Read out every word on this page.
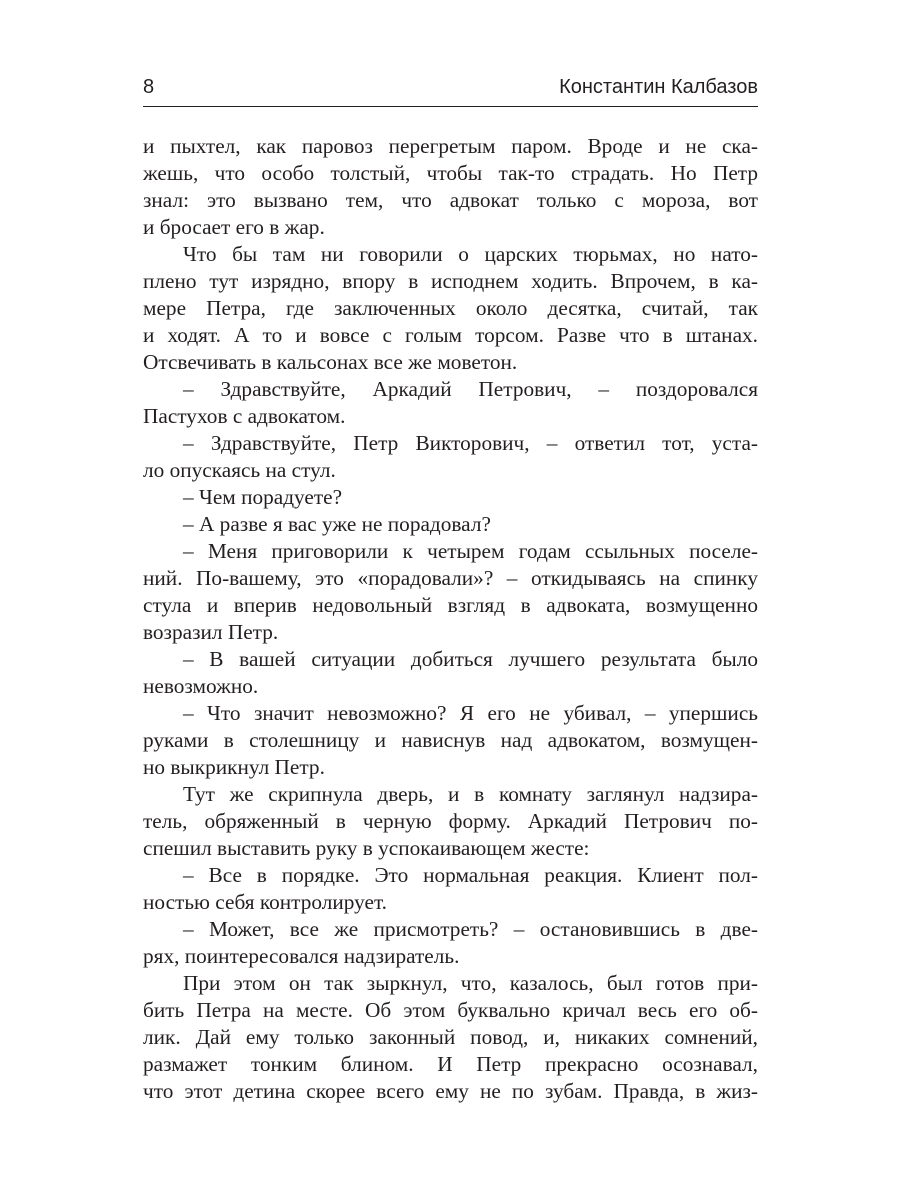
8	Константин Калбазов
и пыхтел, как паровоз перегретым паром. Вроде и не ска-
жешь, что особо толстый, чтобы так-то страдать. Но Петр
знал: это вызвано тем, что адвокат только с мороза, вот
и бросает его в жар.
Что бы там ни говорили о царских тюрьмах, но нато-
плено тут изрядно, впору в исподнем ходить. Впрочем, в ка-
мере Петра, где заключенных около десятка, считай, так
и ходят. А то и вовсе с голым торсом. Разве что в штанах.
Отсвечивать в кальсонах все же моветон.
– Здравствуйте, Аркадий Петрович, – поздоровался
Пастухов с адвокатом.
– Здравствуйте, Петр Викторович, – ответил тот, уста-
ло опускаясь на стул.
– Чем порадуете?
– А разве я вас уже не порадовал?
– Меня приговорили к четырем годам ссыльных поселе-
ний. По-вашему, это «порадовали»? – откидываясь на спинку
стула и вперив недовольный взгляд в адвоката, возмущенно
возразил Петр.
– В вашей ситуации добиться лучшего результата было
невозможно.
– Что значит невозможно? Я его не убивал, – упершись
руками в столешницу и нависнув над адвокатом, возмущен-
но выкрикнул Петр.
Тут же скрипнула дверь, и в комнату заглянул надзира-
тель, обряженный в черную форму. Аркадий Петрович по-
спешил выставить руку в успокаивающем жесте:
– Все в порядке. Это нормальная реакция. Клиент пол-
ностью себя контролирует.
– Может, все же присмотреть? – остановившись в две-
рях, поинтересовался надзиратель.
При этом он так зыркнул, что, казалось, был готов при-
бить Петра на месте. Об этом буквально кричал весь его об-
лик. Дай ему только законный повод, и, никаких сомнений,
размажет тонким блином. И Петр прекрасно осознавал,
что этот детина скорее всего ему не по зубам. Правда, в жиз-
